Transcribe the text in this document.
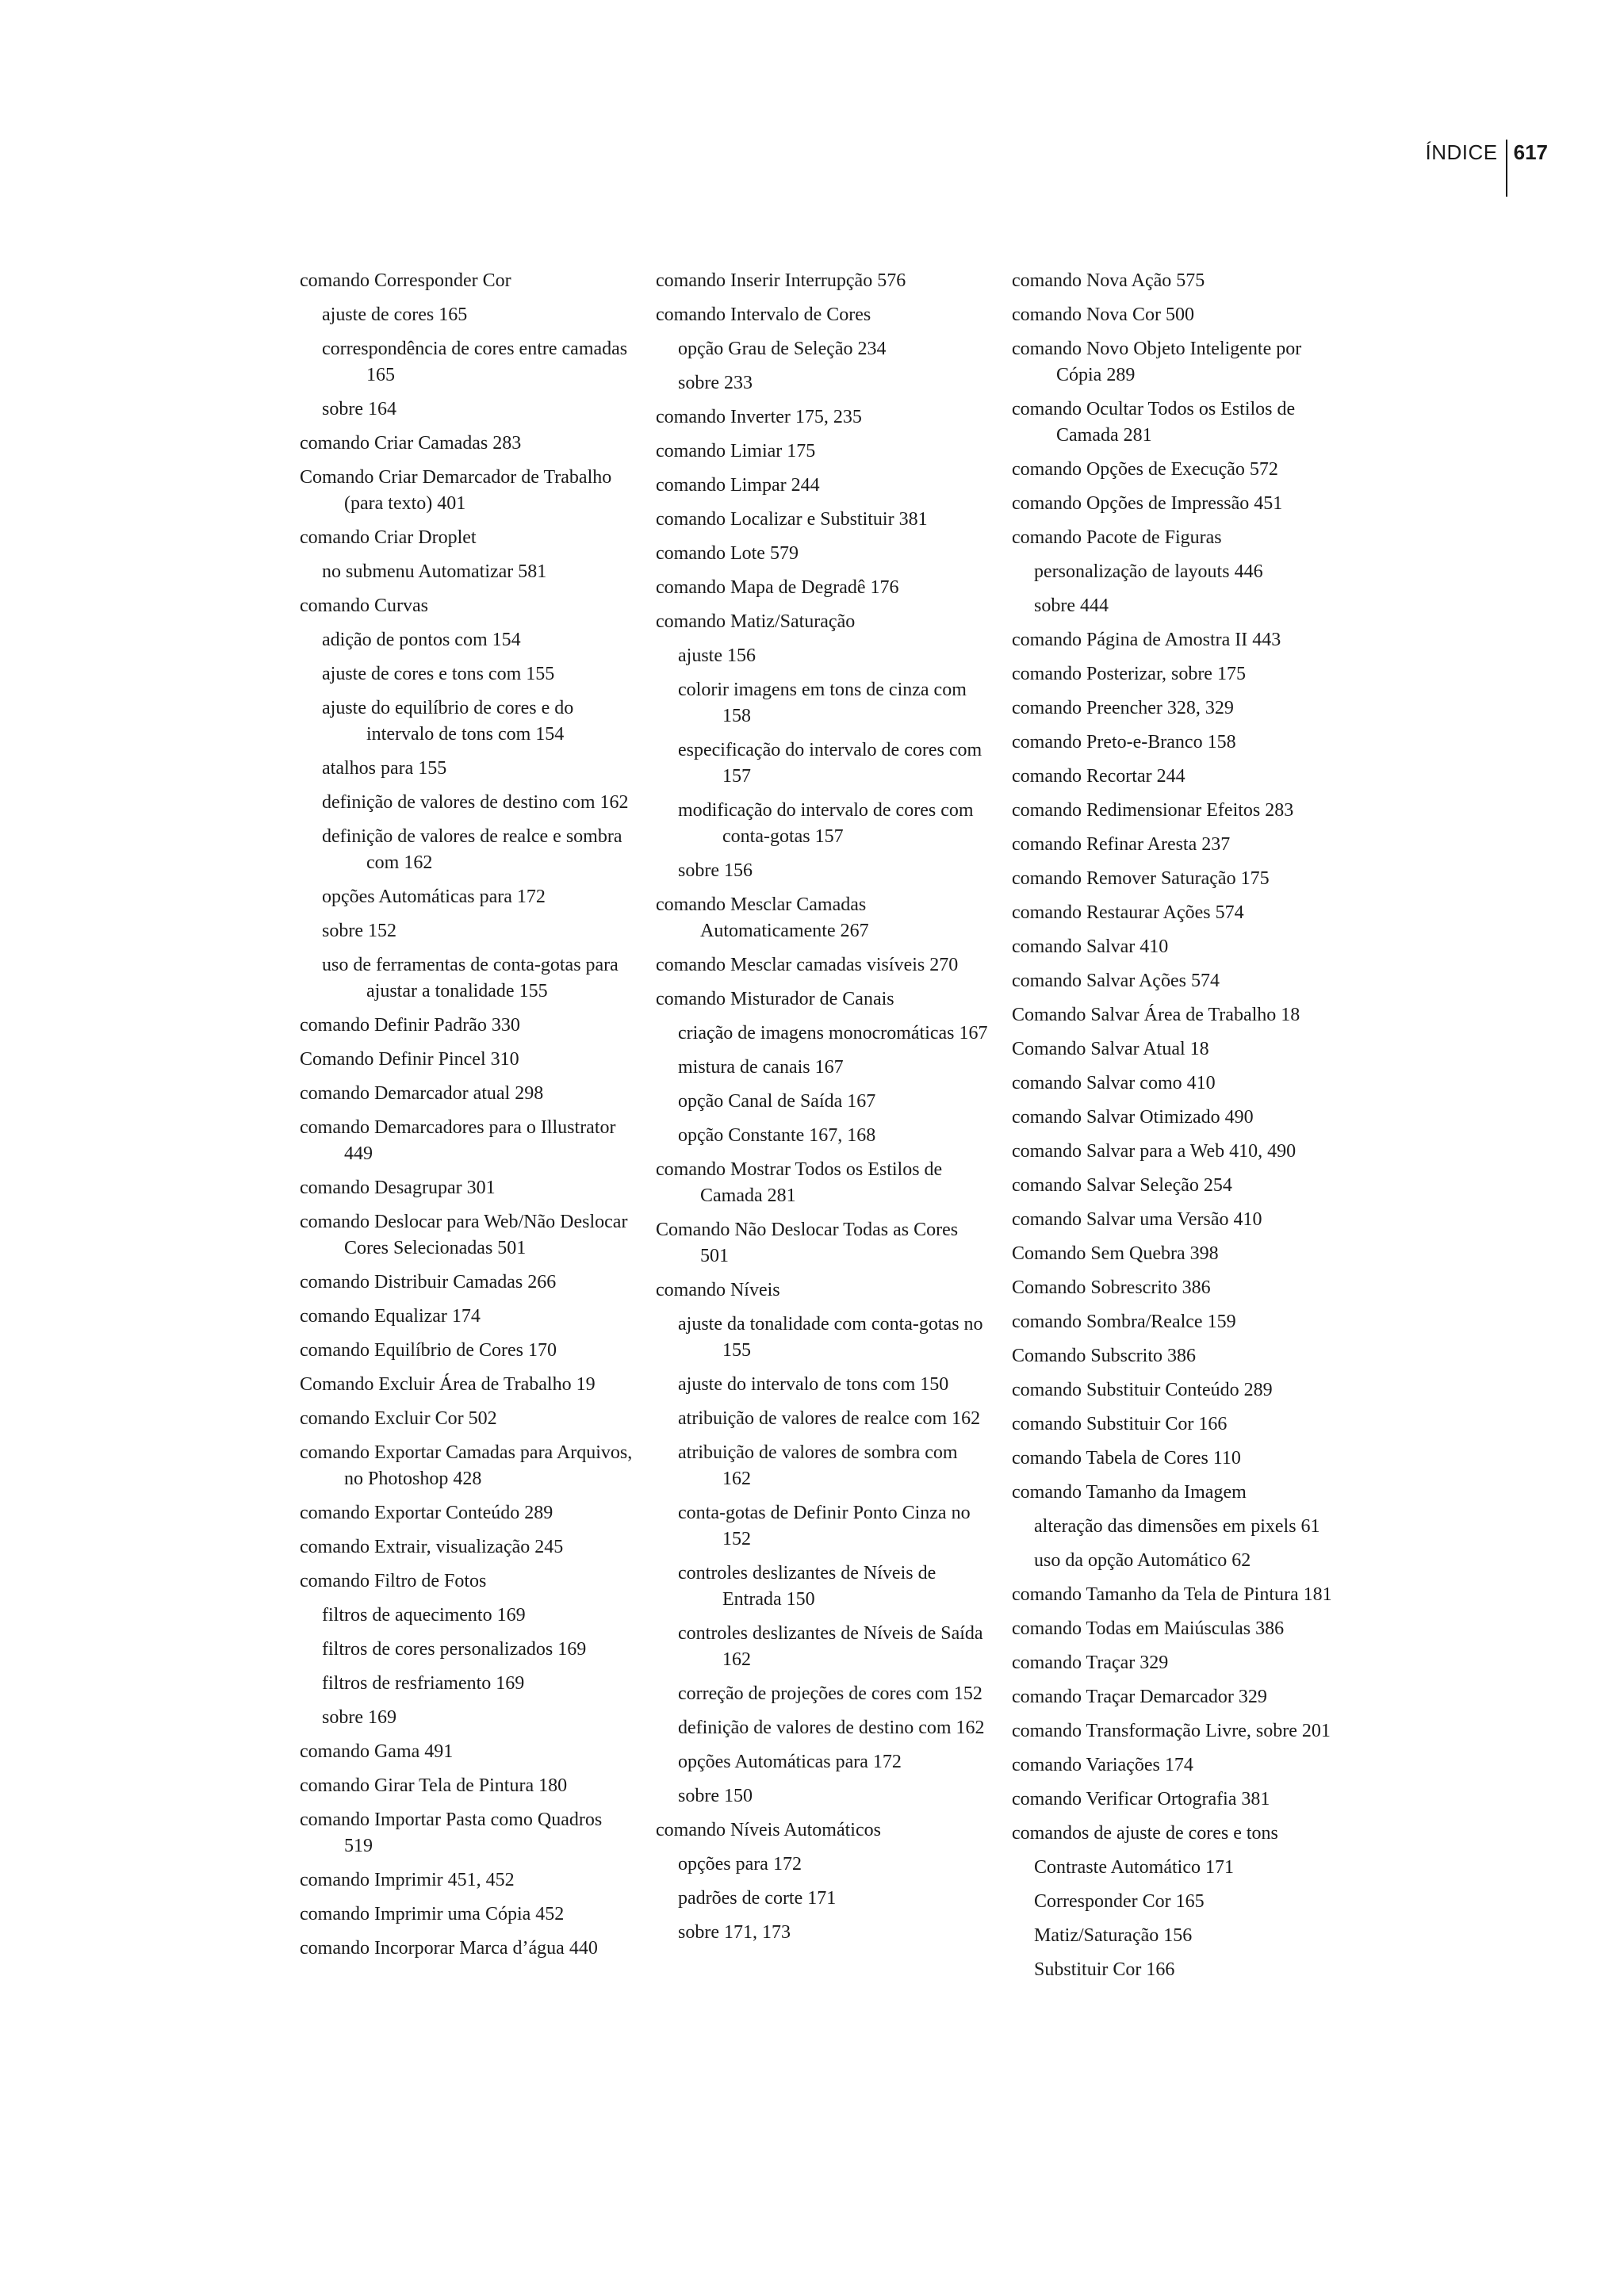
ÍNDICE 617
comando Corresponder Cor
ajuste de cores 165
correspondência de cores entre camadas 165
sobre 164
comando Criar Camadas 283
Comando Criar Demarcador de Trabalho (para texto) 401
comando Criar Droplet
no submenu Automatizar 581
comando Curvas
adição de pontos com 154
ajuste de cores e tons com 155
ajuste do equilíbrio de cores e do intervalo de tons com 154
atalhos para 155
definição de valores de destino com 162
definição de valores de realce e sombra com 162
opções Automáticas para 172
sobre 152
uso de ferramentas de conta-gotas para ajustar a tonalidade 155
comando Definir Padrão 330
Comando Definir Pincel 310
comando Demarcador atual 298
comando Demarcadores para o Illustrator 449
comando Desagrupar 301
comando Deslocar para Web/Não Deslocar Cores Selecionadas 501
comando Distribuir Camadas 266
comando Equalizar 174
comando Equilíbrio de Cores 170
Comando Excluir Área de Trabalho 19
comando Excluir Cor 502
comando Exportar Camadas para Arquivos, no Photoshop 428
comando Exportar Conteúdo 289
comando Extrair, visualização 245
comando Filtro de Fotos
filtros de aquecimento 169
filtros de cores personalizados 169
filtros de resfriamento 169
sobre 169
comando Gama 491
comando Girar Tela de Pintura 180
comando Importar Pasta como Quadros 519
comando Imprimir 451, 452
comando Imprimir uma Cópia 452
comando Incorporar Marca d’água 440
comando Inserir Interrupção 576
comando Intervalo de Cores
opção Grau de Seleção 234
sobre 233
comando Inverter 175, 235
comando Limiar 175
comando Limpar 244
comando Localizar e Substituir 381
comando Lote 579
comando Mapa de Degradê 176
comando Matiz/Saturação
ajuste 156
colorir imagens em tons de cinza com 158
especificação do intervalo de cores com 157
modificação do intervalo de cores com conta-gotas 157
sobre 156
comando Mesclar Camadas Automaticamente 267
comando Mesclar camadas visíveis 270
comando Misturador de Canais
criação de imagens monocromáticas 167
mistura de canais 167
opção Canal de Saída 167
opção Constante 167, 168
comando Mostrar Todos os Estilos de Camada 281
Comando Não Deslocar Todas as Cores 501
comando Níveis
ajuste da tonalidade com conta-gotas no 155
ajuste do intervalo de tons com 150
atribuição de valores de realce com 162
atribuição de valores de sombra com 162
conta-gotas de Definir Ponto Cinza no 152
controles deslizantes de Níveis de Entrada 150
controles deslizantes de Níveis de Saída 162
correção de projeções de cores com 152
definição de valores de destino com 162
opções Automáticas para 172
sobre 150
comando Níveis Automáticos
opções para 172
padrões de corte 171
sobre 171, 173
comando Nova Ação 575
comando Nova Cor 500
comando Novo Objeto Inteligente por Cópia 289
comando Ocultar Todos os Estilos de Camada 281
comando Opções de Execução 572
comando Opções de Impressão 451
comando Pacote de Figuras
personalização de layouts 446
sobre 444
comando Página de Amostra II 443
comando Posterizar, sobre 175
comando Preencher 328, 329
comando Preto-e-Branco 158
comando Recortar 244
comando Redimensionar Efeitos 283
comando Refinar Aresta 237
comando Remover Saturação 175
comando Restaurar Ações 574
comando Salvar 410
comando Salvar Ações 574
Comando Salvar Área de Trabalho 18
Comando Salvar Atual 18
comando Salvar como 410
comando Salvar Otimizado 490
comando Salvar para a Web 410, 490
comando Salvar Seleção 254
comando Salvar uma Versão 410
Comando Sem Quebra 398
Comando Sobrescrito 386
comando Sombra/Realce 159
Comando Subscrito 386
comando Substituir Conteúdo 289
comando Substituir Cor 166
comando Tabela de Cores 110
comando Tamanho da Imagem
alteração das dimensões em pixels 61
uso da opção Automático 62
comando Tamanho da Tela de Pintura 181
comando Todas em Maiúsculas 386
comando Traçar 329
comando Traçar Demarcador 329
comando Transformação Livre, sobre 201
comando Variações 174
comando Verificar Ortografia 381
comandos de ajuste de cores e tons
Contraste Automático 171
Corresponder Cor 165
Matiz/Saturação 156
Substituir Cor 166
